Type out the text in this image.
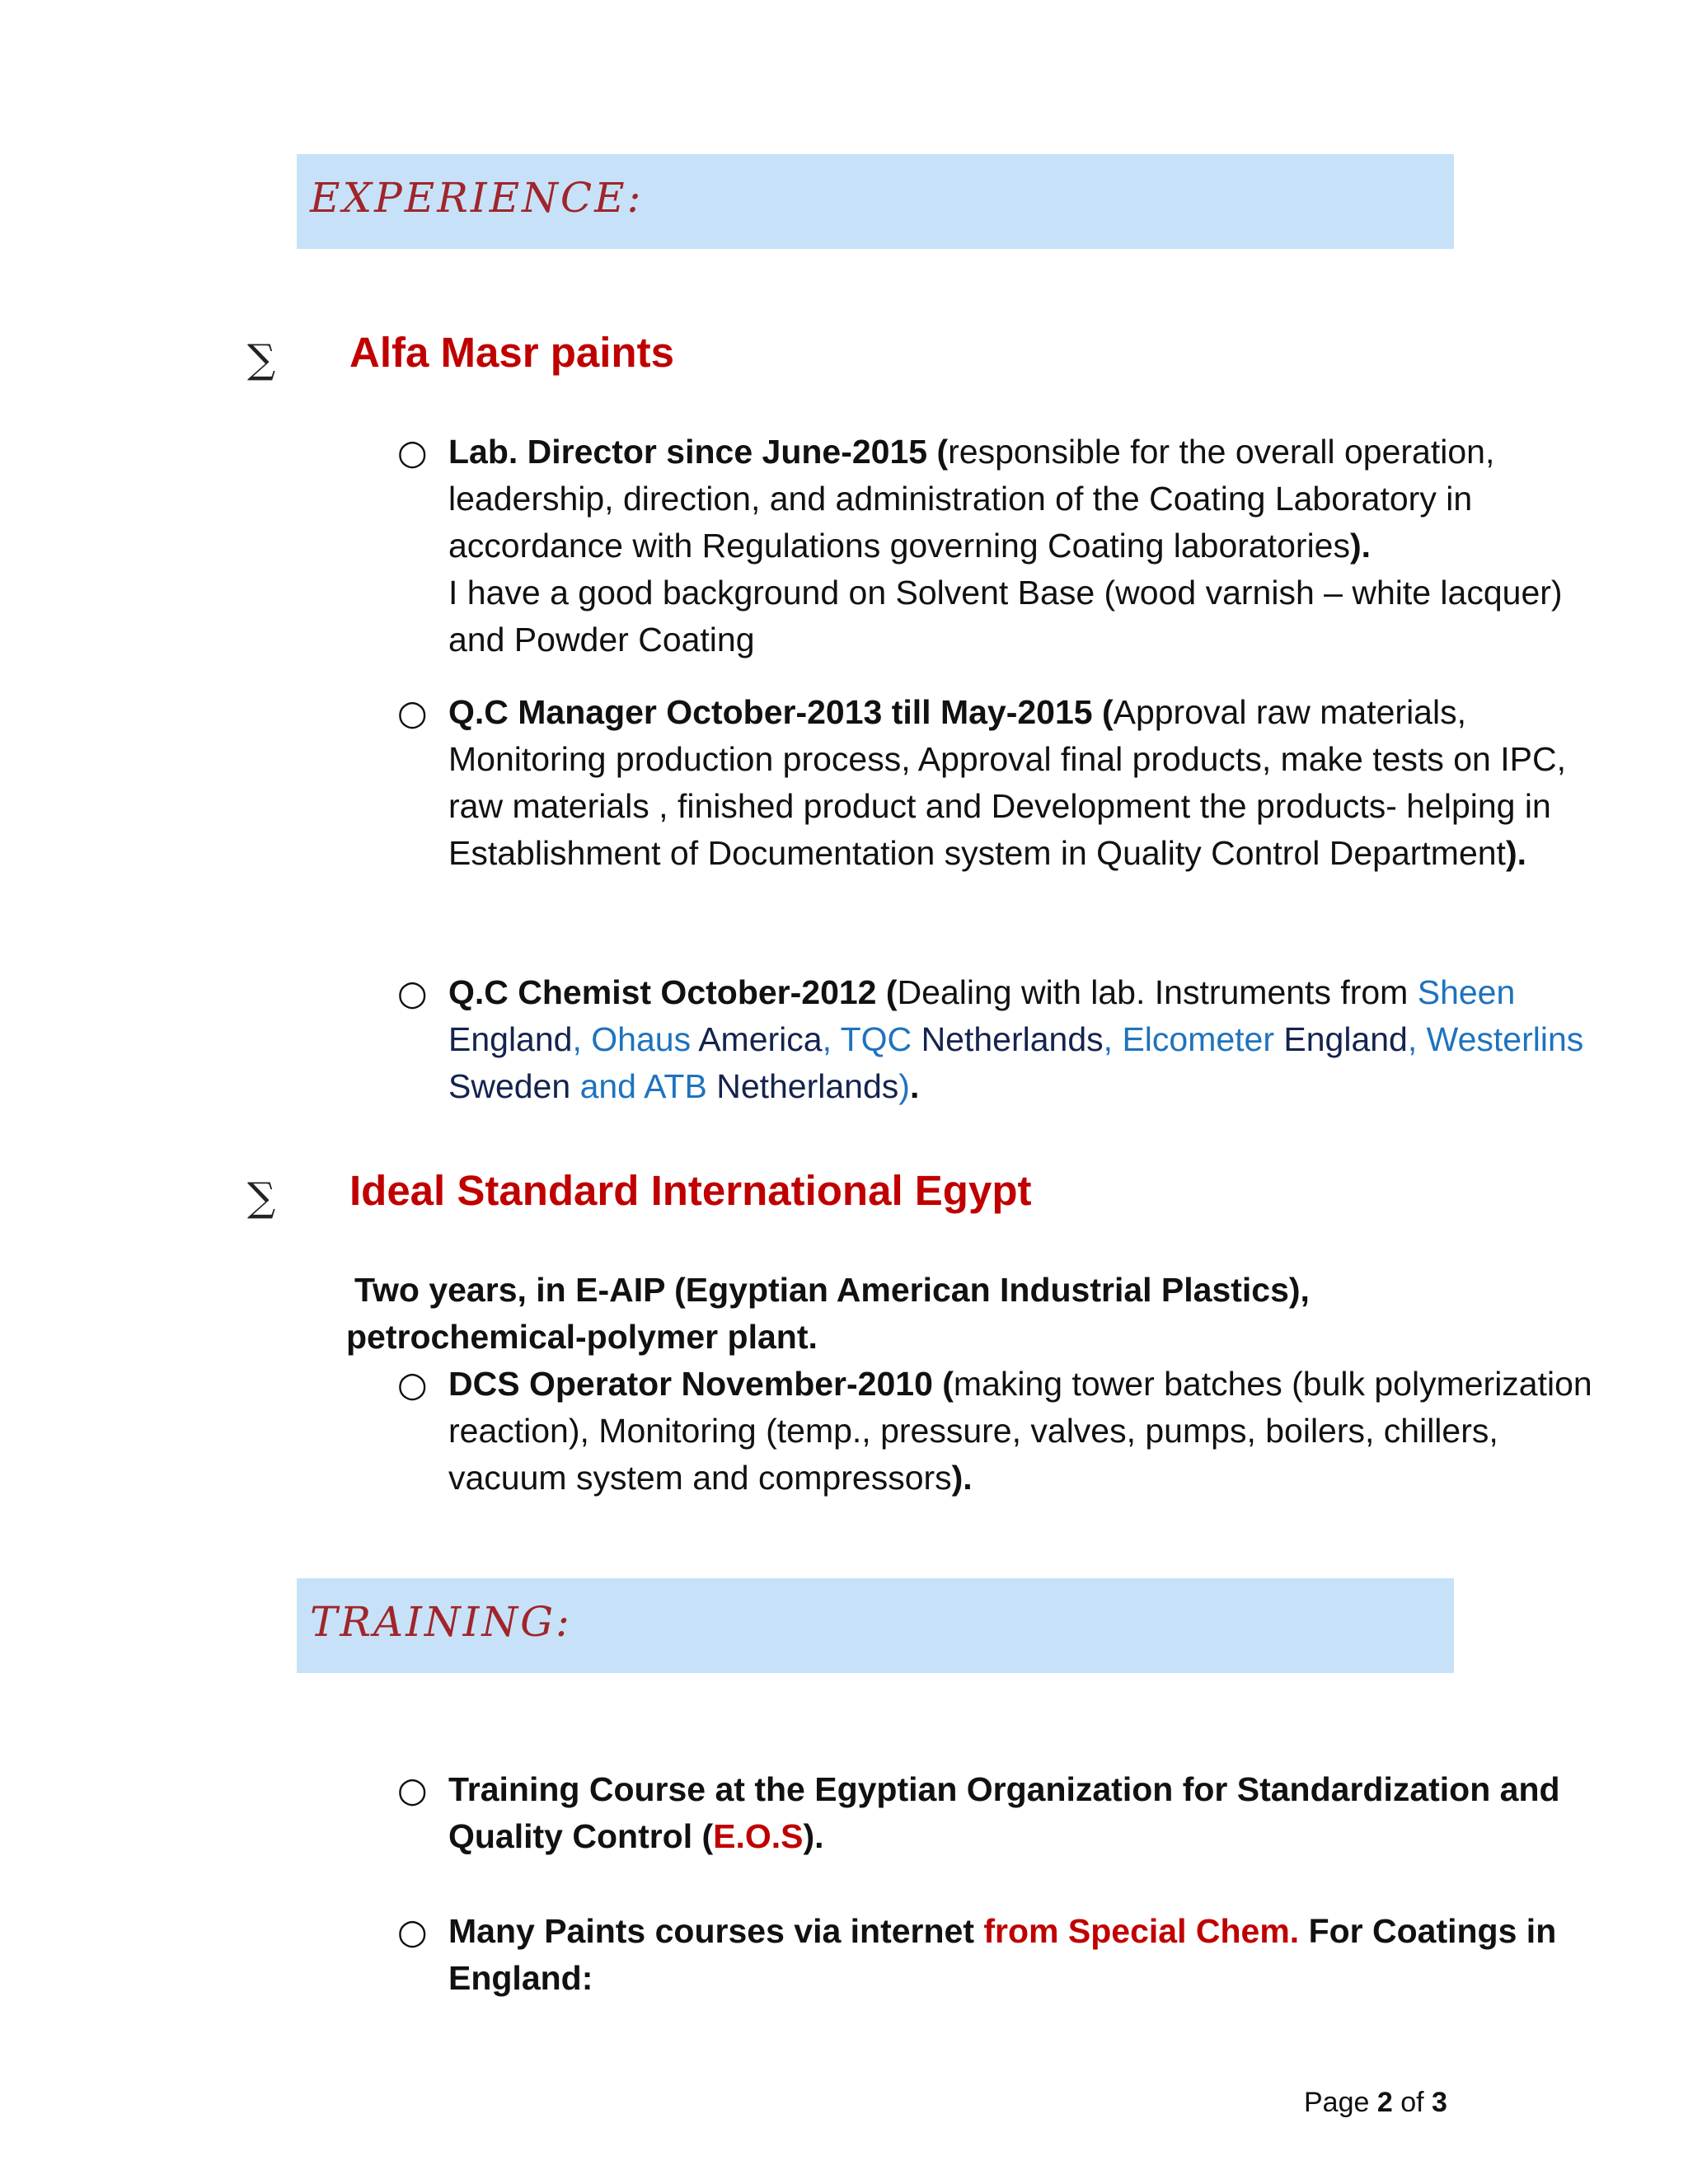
EXPERIENCE:
∑ Alfa Masr paints
○ Lab. Director since June-2015 (responsible for the overall operation, leadership, direction, and administration of the Coating Laboratory in accordance with Regulations governing Coating laboratories).
I have a good background on Solvent Base (wood varnish – white lacquer) and Powder Coating
○ Q.C Manager October-2013 till May-2015 (Approval raw materials, Monitoring production process, Approval final products, make tests on IPC, raw materials , finished product and Development the products- helping in Establishment of Documentation system in Quality Control Department).
○ Q.C Chemist October-2012 (Dealing with lab. Instruments from Sheen England, Ohaus America, TQC Netherlands, Elcometer England, Westerlins Sweden and ATB Netherlands).
∑ Ideal Standard International Egypt
Two years, in E-AIP (Egyptian American Industrial Plastics),
petrochemical-polymer plant.
○ DCS Operator November-2010 (making tower batches (bulk polymerization reaction), Monitoring (temp., pressure, valves, pumps, boilers, chillers, vacuum system and compressors).
TRAINING:
○ Training Course at the Egyptian Organization for Standardization and Quality Control (E.O.S).
○ Many Paints courses via internet from Special Chem. For Coatings in England:
Page 2 of 3
